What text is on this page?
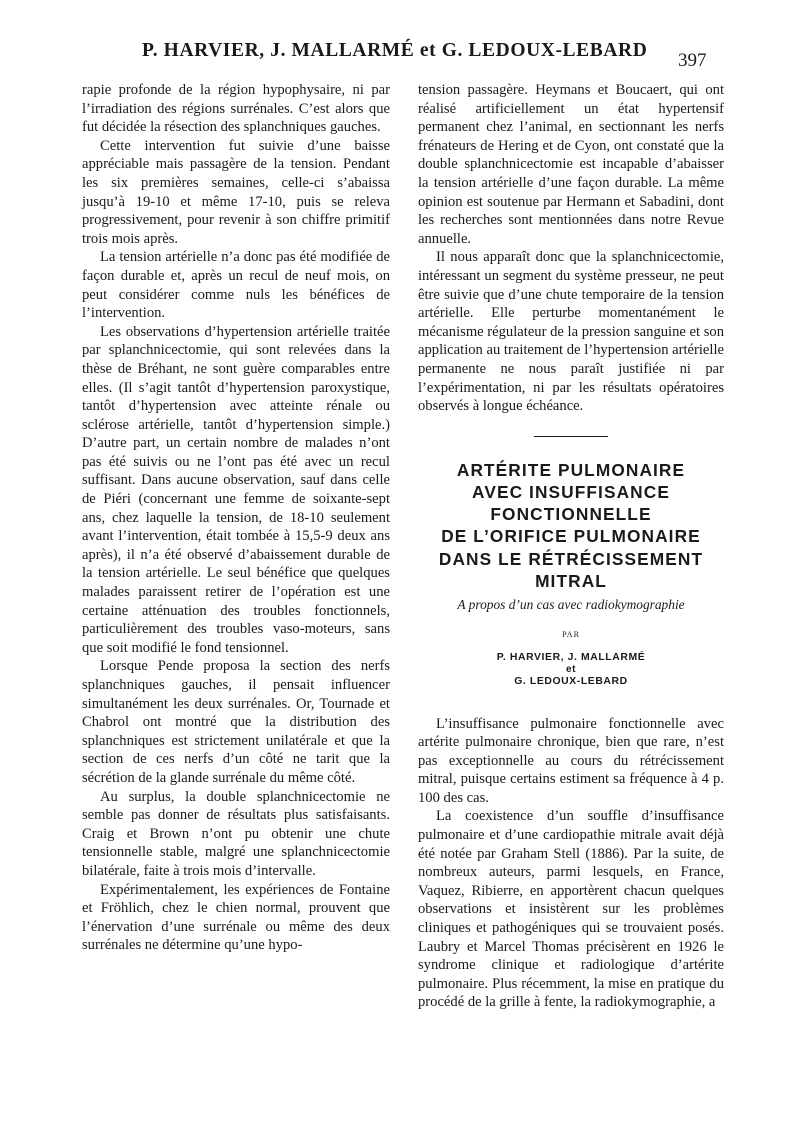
P. HARVIER, J. MALLARMÉ et G. LEDOUX-LEBARD	397

rapie profonde de la région hypophysaire, ni par l’irradiation des régions surrénales. C’est alors que fut décidée la résection des splanchniques gauches.

Cette intervention fut suivie d’une baisse appréciable mais passagère de la tension. Pendant les six premières semaines, celle-ci s’abaissa jusqu’à 19-10 et même 17-10, puis se releva progressivement, pour revenir à son chiffre primitif trois mois après.

La tension artérielle n’a donc pas été modifiée de façon durable et, après un recul de neuf mois, on peut considérer comme nuls les bénéfices de l’intervention.

Les observations d’hypertension artérielle traitée par splanchnicectomie, qui sont relevées dans la thèse de Bréhant, ne sont guère comparables entre elles. (Il s’agit tantôt d’hypertension paroxystique, tantôt d’hypertension avec atteinte rénale ou sclérose artérielle, tantôt d’hypertension simple.) D’autre part, un certain nombre de malades n’ont pas été suivis ou ne l’ont pas été avec un recul suffisant. Dans aucune observation, sauf dans celle de Piéri (concernant une femme de soixante-sept ans, chez laquelle la tension, de 18-10 seulement avant l’intervention, était tombée à 15,5-9 deux ans après), il n’a été observé d’abaissement durable de la tension artérielle. Le seul bénéfice que quelques malades paraissent retirer de l’opération est une certaine atténuation des troubles fonctionnels, particulièrement des troubles vaso-moteurs, sans que soit modifié le fond tensionnel.

Lorsque Pende proposa la section des nerfs splanchniques gauches, il pensait influencer simultanément les deux surrénales. Or, Tournade et Chabrol ont montré que la distribution des splanchniques est strictement unilatérale et que la section de ces nerfs d’un côté ne tarit que la sécrétion de la glande surrénale du même côté.

Au surplus, la double splanchnicectomie ne semble pas donner de résultats plus satisfaisants. Craig et Brown n’ont pu obtenir une chute tensionnelle stable, malgré une splanchnicectomie bilatérale, faite à trois mois d’intervalle.

Expérimentalement, les expériences de Fontaine et Fröhlich, chez le chien normal, prouvent que l’énervation d’une surrénale ou même des deux surrénales ne détermine qu’une hypo-

tension passagère. Heymans et Boucaert, qui ont réalisé artificiellement un état hypertensif permanent chez l’animal, en sectionnant les nerfs frénateurs de Hering et de Cyon, ont constaté que la double splanchnicectomie est incapable d’abaisser la tension artérielle d’une façon durable. La même opinion est soutenue par Hermann et Sabadini, dont les recherches sont mentionnées dans notre Revue annuelle.

Il nous apparaît donc que la splanchnicectomie, intéressant un segment du système presseur, ne peut être suivie que d’une chute temporaire de la tension artérielle. Elle perturbe momentanément le mécanisme régulateur de la pression sanguine et son application au traitement de l’hypertension artérielle permanente ne nous paraît justifiée ni par l’expérimentation, ni par les résultats opératoires observés à longue échéance.

ARTÉRITE PULMONAIRE
AVEC INSUFFISANCE
FONCTIONNELLE
DE L’ORIFICE PULMONAIRE
DANS LE RÉTRÉCISSEMENT
MITRAL
A propos d’un cas avec radiokymographie
PAR
P. HARVIER, J. MALLARMÉ
et
G. LEDOUX-LEBARD

L’insuffisance pulmonaire fonctionnelle avec artérite pulmonaire chronique, bien que rare, n’est pas exceptionnelle au cours du rétrécissement mitral, puisque certains estiment sa fréquence à 4 p. 100 des cas.

La coexistence d’un souffle d’insuffisance pulmonaire et d’une cardiopathie mitrale avait déjà été notée par Graham Stell (1886). Par la suite, de nombreux auteurs, parmi lesquels, en France, Vaquez, Ribierre, en apportèrent chacun quelques observations et insistèrent sur les problèmes cliniques et pathogéniques qui se trouvaient posés. Laubry et Marcel Thomas précisèrent en 1926 le syndrome clinique et radiologique d’artérite pulmonaire. Plus récemment, la mise en pratique du procédé de la grille à fente, la radiokymographie, a
